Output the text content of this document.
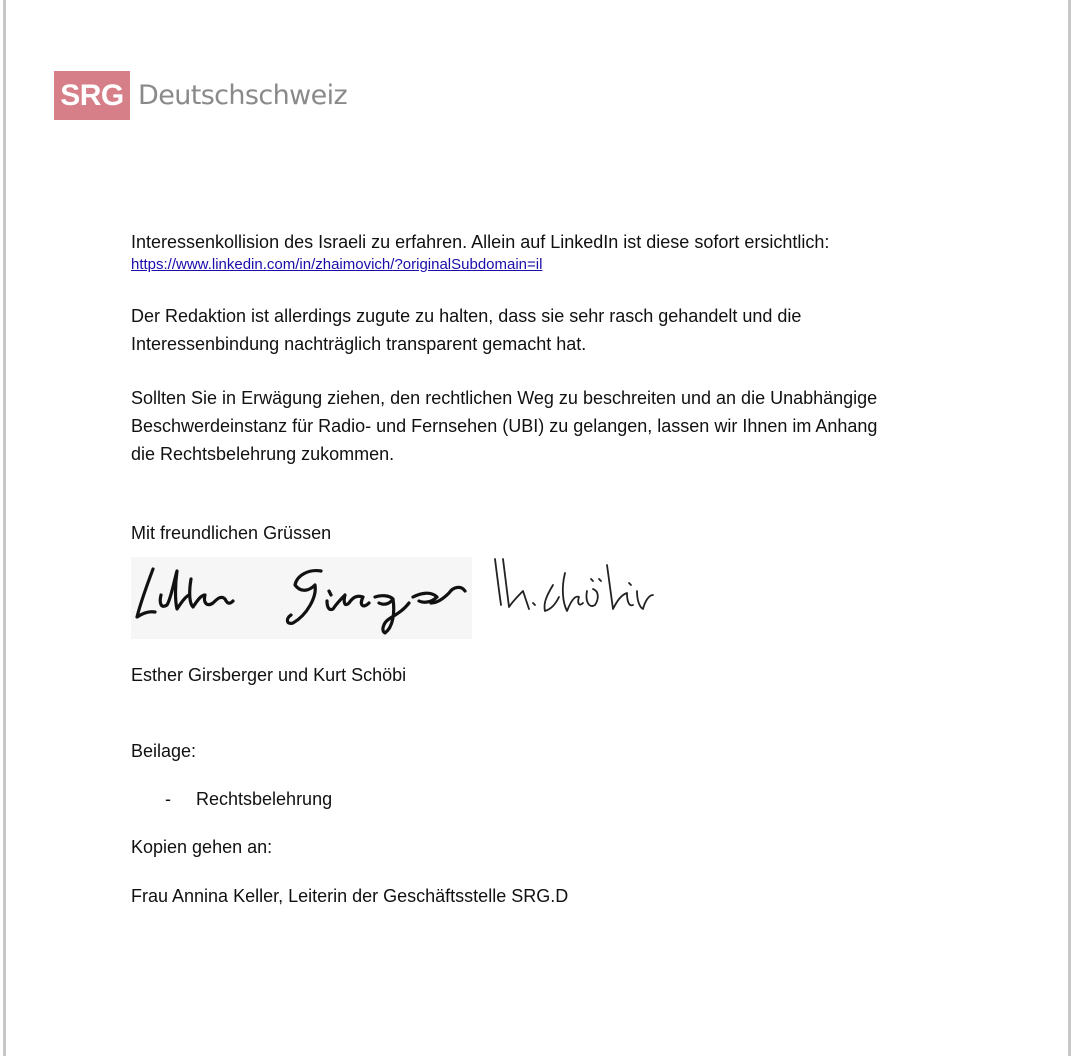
SRG Deutschschweiz
Interessenkollision des Israeli zu erfahren. Allein auf LinkedIn ist diese sofort ersichtlich:
https://www.linkedin.com/in/zhaimovich/?originalSubdomain=il
Der Redaktion ist allerdings zugute zu halten, dass sie sehr rasch gehandelt und die
Interessenbindung nachträglich transparent gemacht hat.
Sollten Sie in Erwägung ziehen, den rechtlichen Weg zu beschreiten und an die Unabhängige
Beschwerdeinstanz für Radio- und Fernsehen (UBI) zu gelangen, lassen wir Ihnen im Anhang
die Rechtsbelehrung zukommen.
Mit freundlichen Grüssen
Esther Girsberger und Kurt Schöbi
Beilage:
- Rechtsbelehrung
Kopien gehen an:
Frau Annina Keller, Leiterin der Geschäftsstelle SRG.D
